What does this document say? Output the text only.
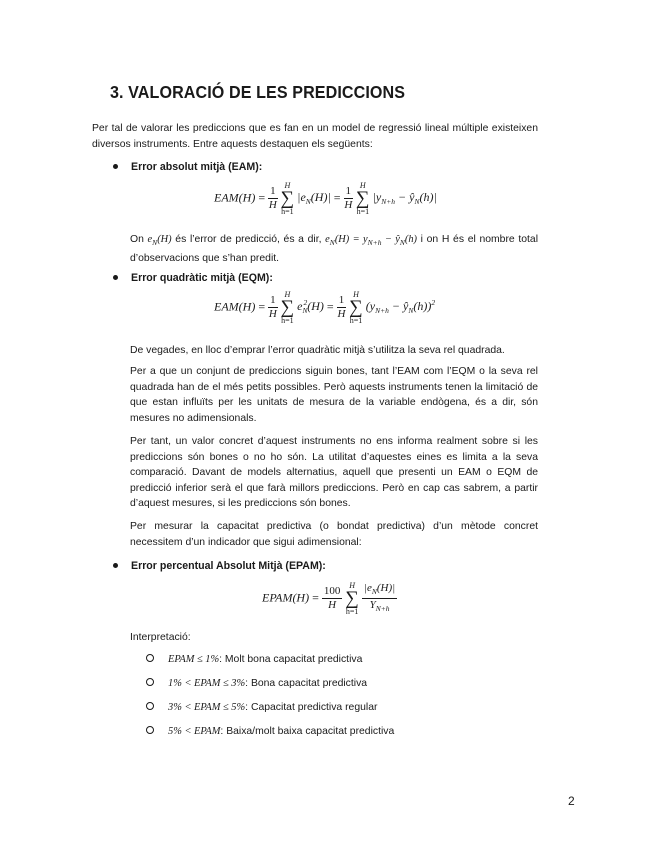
3. VALORACIÓ DE LES PREDICCIONS

Per tal de valorar les prediccions que es fan en un model de regressió lineal múltiple existeixen diversos instruments. Entre aquests destaquen els següents:

Error absolut mitjà (EAM):
$EAM(H) = \frac{1}{H}$
H
∑
h=1
$|e_N(H)| = \frac{1}{H}$
H
∑
h=1
$|y_{N+h}$ − $ŷ_N(h)|$

On $e_N(H)$ és l’error de predicció, és a dir, $e_N(H) = y_{N+h}$ − $ŷ_N(h)$ i on H és el nombre total d’observacions que s’han predit.

Error quadràtic mitjà (EQM):
$EAM(H) = \frac{1}{H}$
H
∑
h=1
$e_N^2(H) = \frac{1}{H}$
H
∑
h=1
($y_{N+h}$ − $ŷ_N(h))^2$

De vegades, en lloc d’emprar l’error quadràtic mitjà s’utilitza la seva rel quadrada.

Per a que un conjunt de prediccions siguin bones, tant l’EAM com l’EQM o la seva rel quadrada han de el més petits possibles. Però aquests instruments tenen la limitació de que estan influïts per les unitats de mesura de la variable endògena, és a dir, són mesures no adimensionals.

Per tant, un valor concret d’aquest instruments no ens informa realment sobre si les prediccions són bones o no ho són. La utilitat d’aquestes eines es limita a la seva comparació. Davant de models alternatius, aquell que presenti un EAM o EQM de predicció inferior serà el que farà millors prediccions. Però en cap cas sabrem, a partir d’aquest mesures, si les prediccions són bones.

Per mesurar la capacitat predictiva (o bondat predictiva) d’un mètode concret necessitem d’un indicador que sigui adimensional:

Error percentual Absolut Mitjà (EPAM):
EPAM(H) = $\frac{100}{H}$
H
∑
h=1
$\frac{|e_N(H)|}{Y_{N+h}}$
Interpretació:
EPAM ≤ 1%: Molt bona capacitat predictiva
1% < EPAM ≤ 3%: Bona capacitat predictiva
3% < EPAM ≤ 5%: Capacitat predictiva regular
5% < EPAM: Baixa/molt baixa capacitat predictiva
2
